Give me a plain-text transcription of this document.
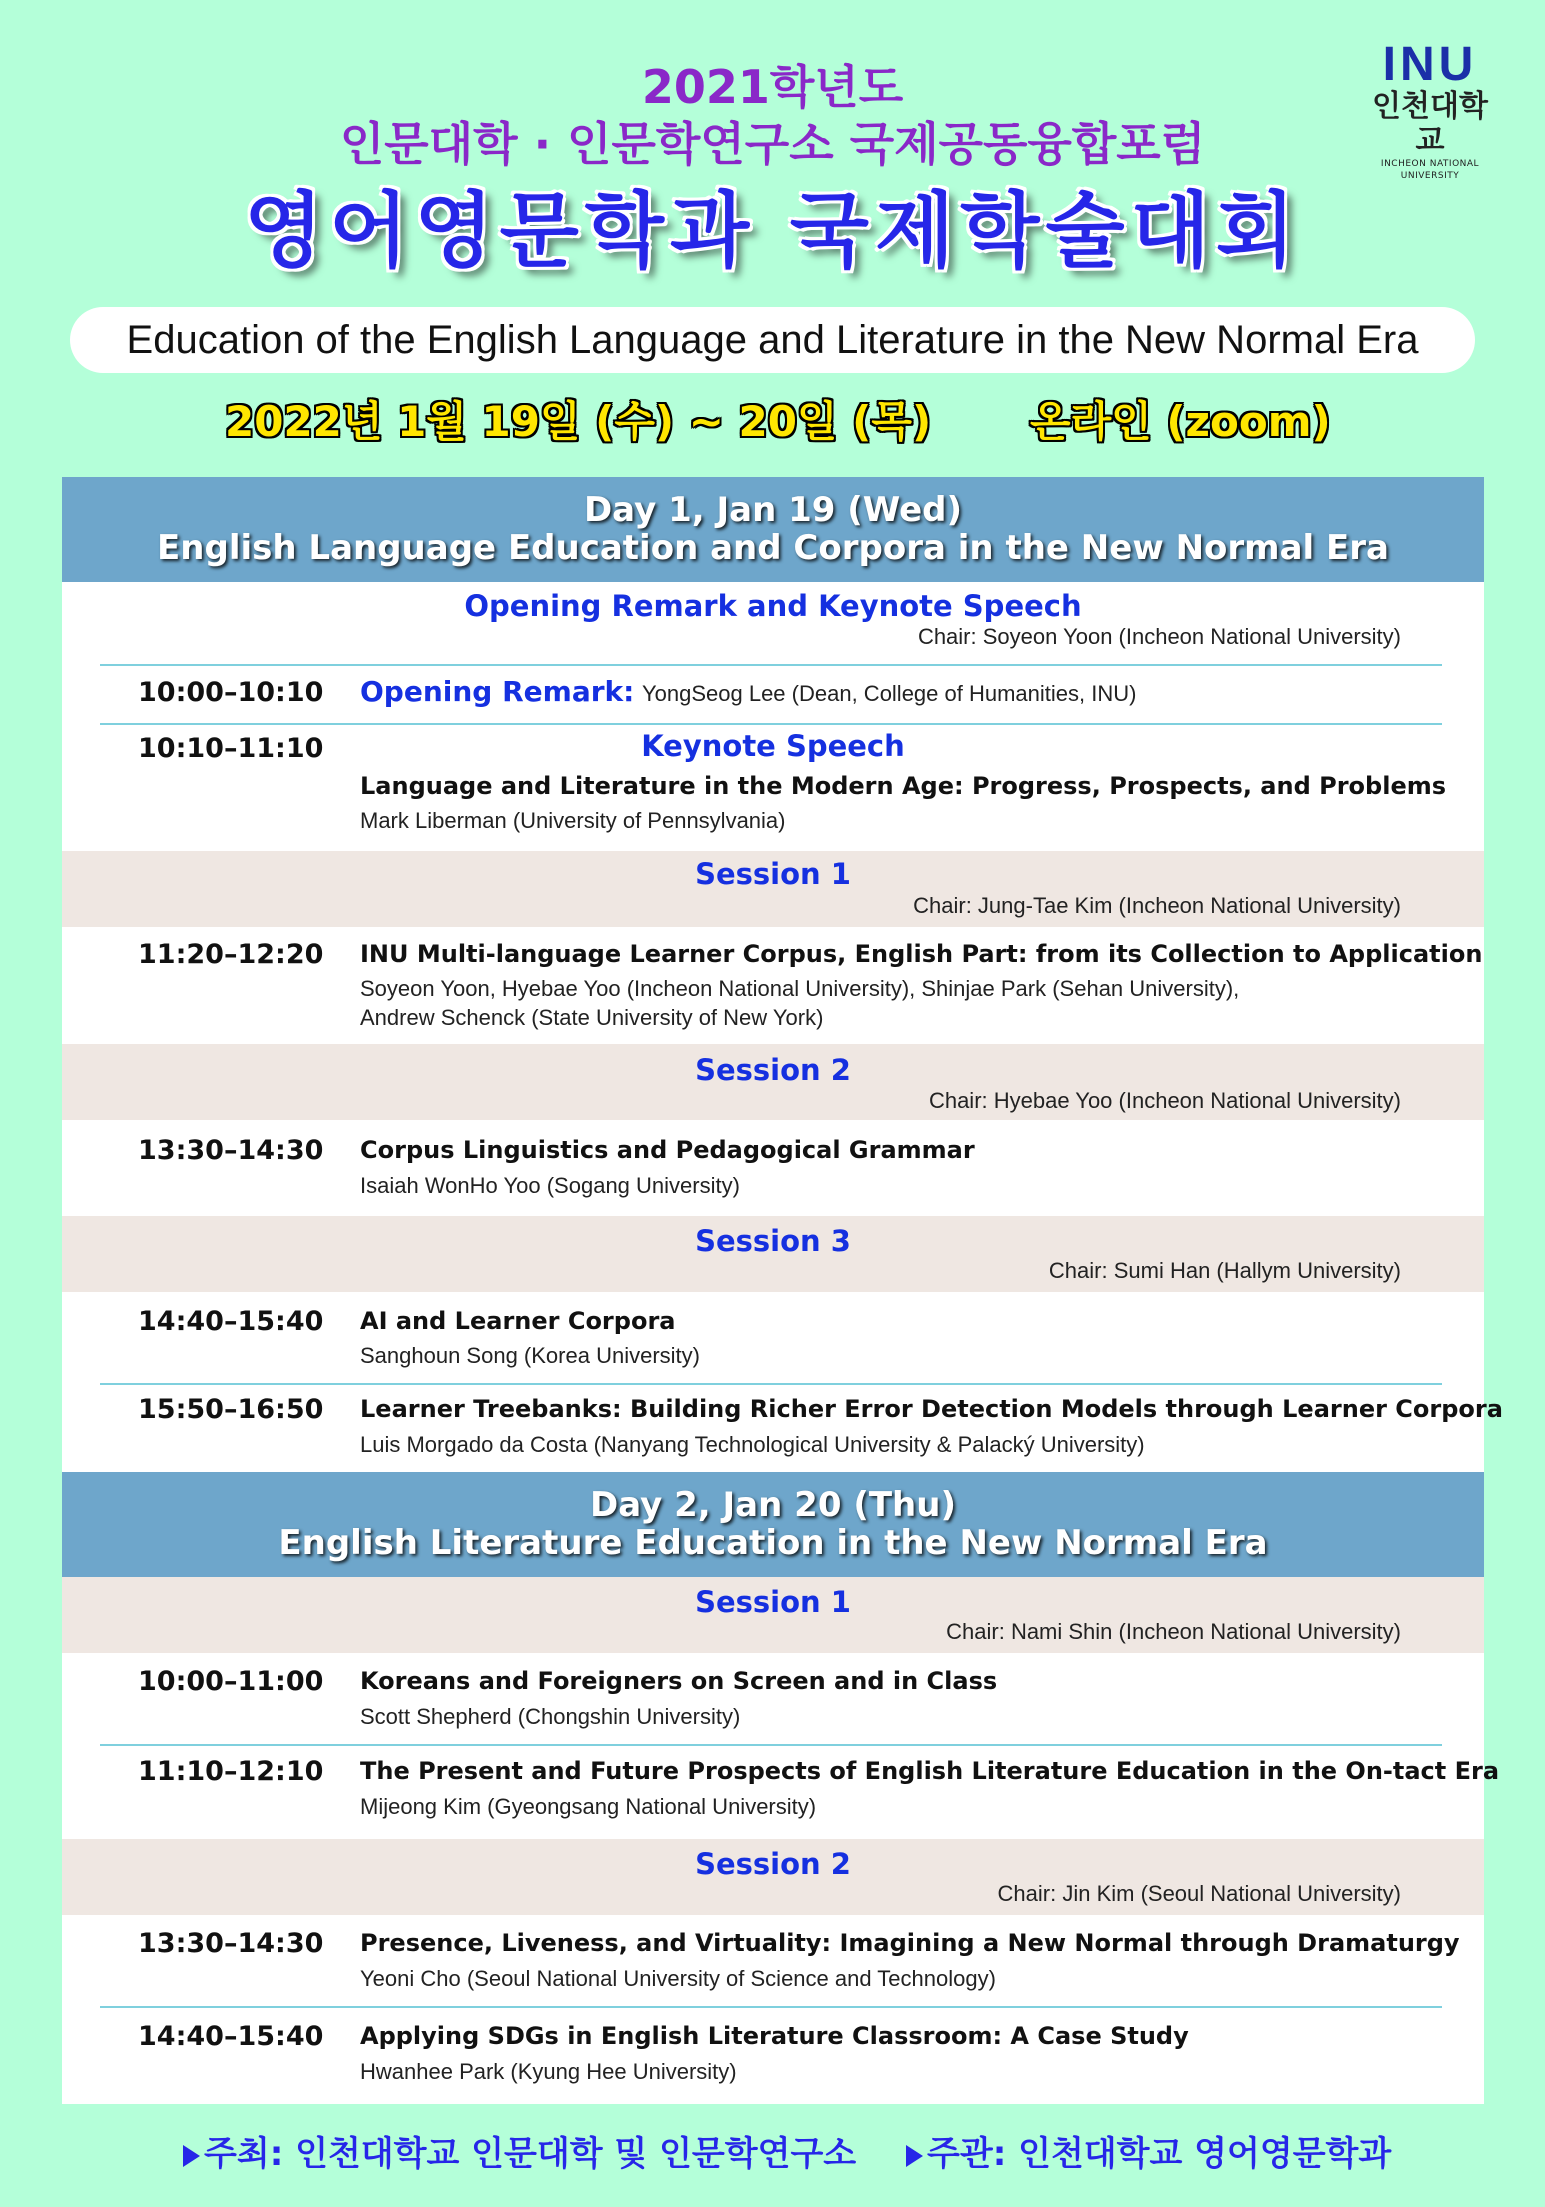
2021학년도
인문대학 · 인문학연구소 국제공동융합포럼
영어영문학과 국제학술대회
INU
인천대학교
INCHEON NATIONAL UNIVERSITY
Education of the English Language and Literature in the New Normal Era
2022년 1월 19일 (수) ~ 20일 (목) 온라인 (zoom)
Day 1, Jan 19 (Wed)
English Language Education and Corpora in the New Normal Era
Opening Remark and Keynote Speech
Chair: Soyeon Yoon (Incheon National University)
10:00–10:10 Opening Remark: YongSeog Lee (Dean, College of Humanities, INU)
10:10–11:10	Keynote Speech
Language and Literature in the Modern Age: Progress, Prospects, and Problems
Mark Liberman (University of Pennsylvania)
Session 1
Chair: Jung-Tae Kim (Incheon National University)
11:20–12:20 INU Multi-language Learner Corpus, English Part: from its Collection to Application
Soyeon Yoon, Hyebae Yoo (Incheon National University), Shinjae Park (Sehan University),
Andrew Schenck (State University of New York)
Session 2
Chair: Hyebae Yoo (Incheon National University)
13:30–14:30 Corpus Linguistics and Pedagogical Grammar
Isaiah WonHo Yoo (Sogang University)
Session 3
Chair: Sumi Han (Hallym University)
14:40–15:40 AI and Learner Corpora
Sanghoun Song (Korea University)
15:50–16:50 Learner Treebanks: Building Richer Error Detection Models through Learner Corpora
Luis Morgado da Costa (Nanyang Technological University & Palacký University)
Day 2, Jan 20 (Thu)
English Literature Education in the New Normal Era
Session 1
Chair: Nami Shin (Incheon National University)
10:00–11:00 Koreans and Foreigners on Screen and in Class
Scott Shepherd (Chongshin University)
11:10–12:10 The Present and Future Prospects of English Literature Education in the On-tact Era
Mijeong Kim (Gyeongsang National University)
Session 2
Chair: Jin Kim (Seoul National University)
13:30–14:30 Presence, Liveness, and Virtuality: Imagining a New Normal through Dramaturgy
Yeoni Cho (Seoul National University of Science and Technology)
14:40–15:40 Applying SDGs in English Literature Classroom: A Case Study
Hwanhee Park (Kyung Hee University)
주최: 인천대학교 인문대학 및 인문학연구소	주관: 인천대학교 영어영문학과
